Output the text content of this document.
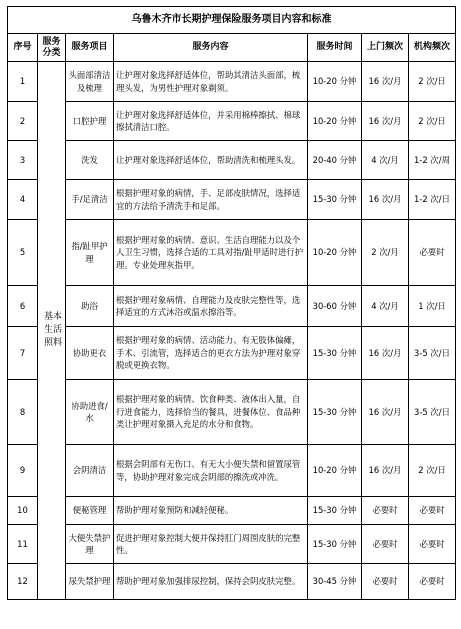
乌鲁木齐市长期护理保险服务项目内容和标准						
序号	服务分类	服务项目	服务内容	服务时间	上门频次	机构频次
1	基本生活照料	头面部清洁及梳理	让护理对象选择舒适体位，帮助其清洁头面部，梳理头发，为男性护理对象剃须。	10-20 分钟	16 次/月	2 次/日
2		口腔护理	让护理对象选择舒适体位，并采用棉棒擦拭、棉球擦拭清洁口腔。	10-20 分钟	16 次/月	2 次/日
3		洗发	让护理对象选择舒适体位，帮助清洗和梳理头发。	20-40 分钟	4 次/月	1-2 次/周
4		手/足清洁	根据护理对象的病情，手、足部皮肤情况，选择适宜的方法给予清洗手和足部。	15-30 分钟	16 次/月	1-2 次/日
5		指/趾甲护理	根据护理对象的病情、意识、生活自理能力以及个人卫生习惯，选择合适的工具对指/趾甲适时进行护理。专业处理灰指甲。	10-20 分钟	2 次/月	必要时
6		助浴	根据护理对象病情、自理能力及皮肤完整性等，选择适宜的方式沐浴或温水擦浴等。	30-60 分钟	4 次/月	1 次/日
7		协助更衣	根据护理对象的病情、活动能力、有无肢体偏瘫，手术、引流管，选择适合的更衣方法为护理对象穿脱或更换衣物。	15-30 分钟	16 次/月	3-5 次/日
8		协助进食/水	根据护理对象的病情、饮食种类、液体出入量，自行进食能力，选择恰当的餐具，进餐体位、食品种类让护理对象摄入充足的水分和食物。	15-30 分钟	16 次/月	3-5 次/日
9		会阴清洁	根据会阴部有无伤口、有无大小便失禁和留置尿管等，协助护理对象完成会阴部的擦洗或冲洗。	10-20 分钟	16 次/月	2 次/日
10		便秘管理	帮助护理对象预防和减轻便秘。	15-30 分钟	必要时	必要时
11		大便失禁护理	促进护理对象控制大便并保持肛门周围皮肤的完整性。	15-30 分钟	必要时	必要时
12		尿失禁护理	帮助护理对象加强排尿控制，保持会阴皮肤完整。	30-45 分钟	必要时	必要时
